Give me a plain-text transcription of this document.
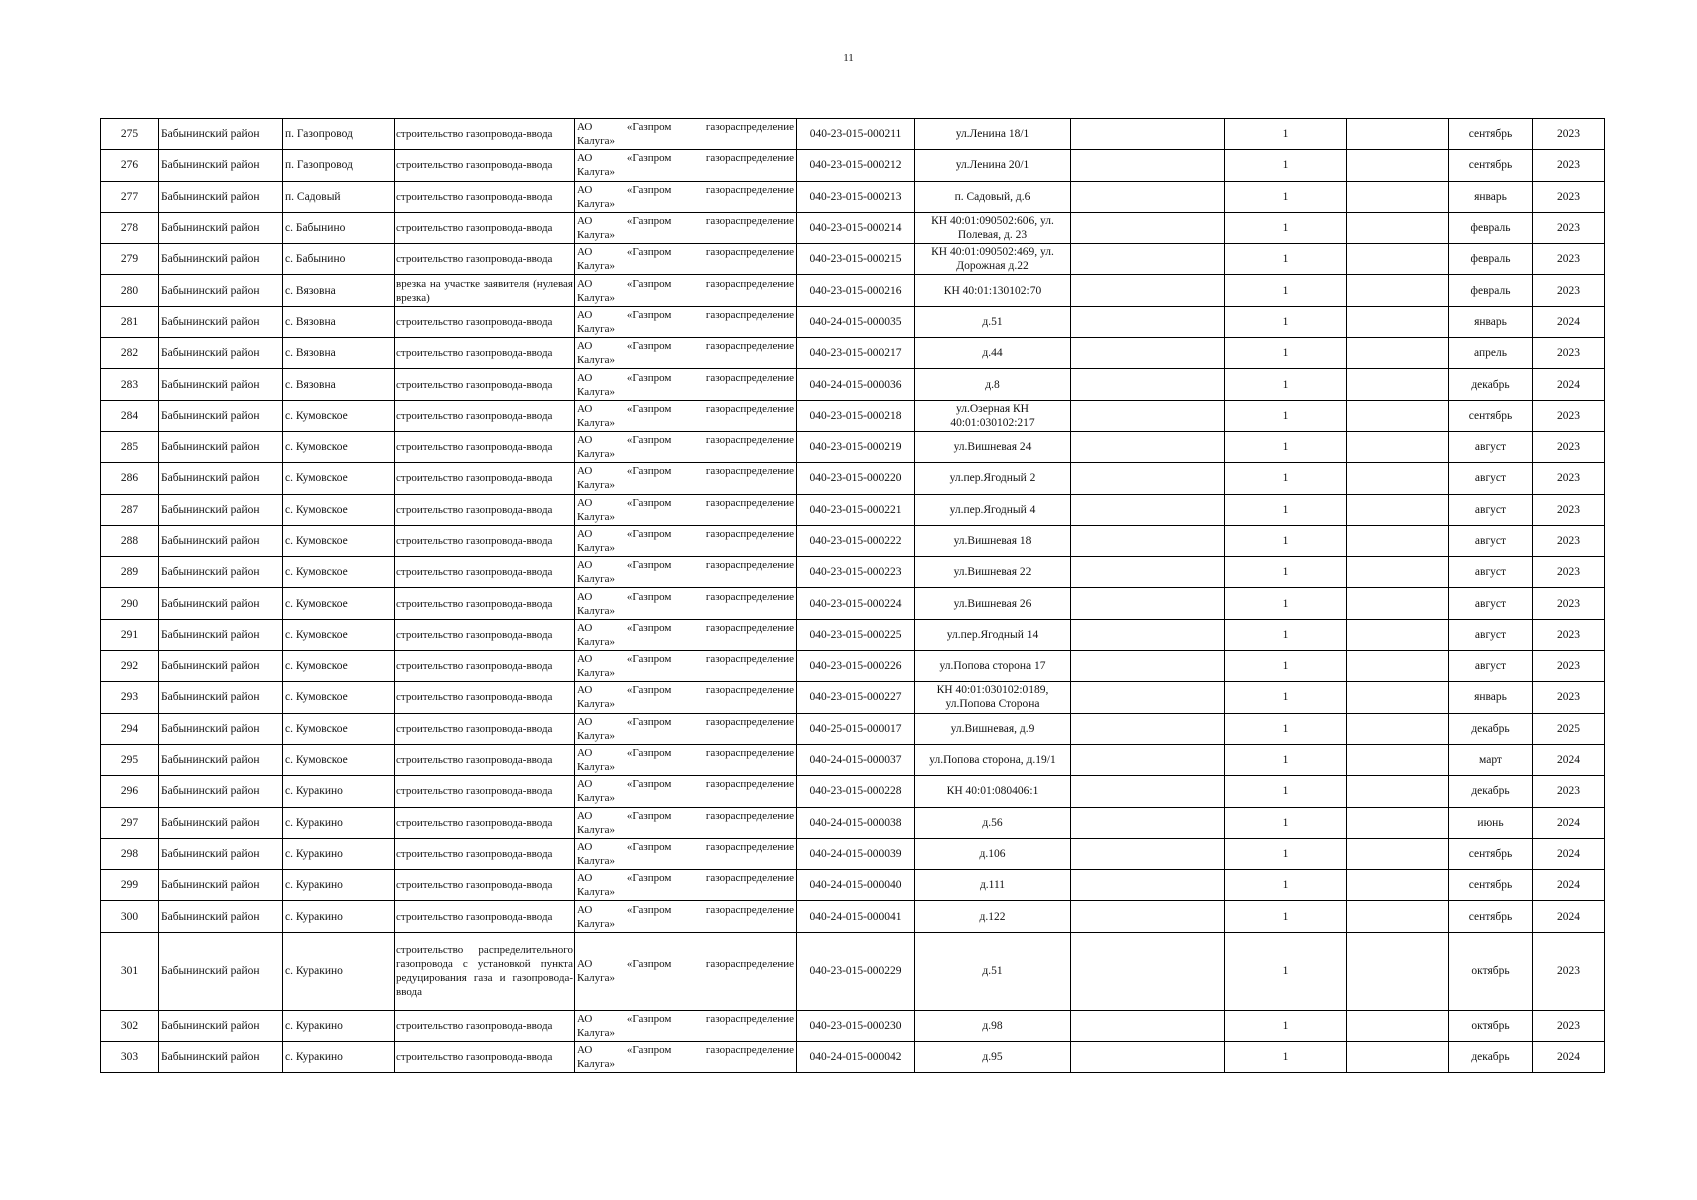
11
275	Бабынинский район	п. Газопровод	строительство газопровода-ввода	АО «Газпром газораспределение
Калуга»	040-23-015-000211	ул.Ленина 18/1		1		сентябрь	2023
276	Бабынинский район	п. Газопровод	строительство газопровода-ввода	АО «Газпром газораспределение
Калуга»	040-23-015-000212	ул.Ленина 20/1		1		сентябрь	2023
277	Бабынинский район	п. Садовый	строительство газопровода-ввода	АО «Газпром газораспределение
Калуга»	040-23-015-000213	п. Садовый, д.6		1		январь	2023
278	Бабынинский район	с. Бабынино	строительство газопровода-ввода	АО «Газпром газораспределение
Калуга»	040-23-015-000214	КН 40:01:090502:606, ул. Полевая, д. 23		1		февраль	2023
279	Бабынинский район	с. Бабынино	строительство газопровода-ввода	АО «Газпром газораспределение
Калуга»	040-23-015-000215	КН 40:01:090502:469, ул. Дорожная д.22		1		февраль	2023
280	Бабынинский район	с. Вязовна	врезка на участке заявителя (нулевая врезка)	АО «Газпром газораспределение
Калуга»	040-23-015-000216	КН 40:01:130102:70		1		февраль	2023
281	Бабынинский район	с. Вязовна	строительство газопровода-ввода	АО «Газпром газораспределение
Калуга»	040-24-015-000035	д.51		1		январь	2024
282	Бабынинский район	с. Вязовна	строительство газопровода-ввода	АО «Газпром газораспределение
Калуга»	040-23-015-000217	д.44		1		апрель	2023
283	Бабынинский район	с. Вязовна	строительство газопровода-ввода	АО «Газпром газораспределение
Калуга»	040-24-015-000036	д.8		1		декабрь	2024
284	Бабынинский район	с. Кумовское	строительство газопровода-ввода	АО «Газпром газораспределение
Калуга»	040-23-015-000218	ул.Озерная КН 40:01:030102:217		1		сентябрь	2023
285	Бабынинский район	с. Кумовское	строительство газопровода-ввода	АО «Газпром газораспределение
Калуга»	040-23-015-000219	ул.Вишневая 24		1		август	2023
286	Бабынинский район	с. Кумовское	строительство газопровода-ввода	АО «Газпром газораспределение
Калуга»	040-23-015-000220	ул.пер.Ягодный 2		1		август	2023
287	Бабынинский район	с. Кумовское	строительство газопровода-ввода	АО «Газпром газораспределение
Калуга»	040-23-015-000221	ул.пер.Ягодный 4		1		август	2023
288	Бабынинский район	с. Кумовское	строительство газопровода-ввода	АО «Газпром газораспределение
Калуга»	040-23-015-000222	ул.Вишневая 18		1		август	2023
289	Бабынинский район	с. Кумовское	строительство газопровода-ввода	АО «Газпром газораспределение
Калуга»	040-23-015-000223	ул.Вишневая 22		1		август	2023
290	Бабынинский район	с. Кумовское	строительство газопровода-ввода	АО «Газпром газораспределение
Калуга»	040-23-015-000224	ул.Вишневая 26		1		август	2023
291	Бабынинский район	с. Кумовское	строительство газопровода-ввода	АО «Газпром газораспределение
Калуга»	040-23-015-000225	ул.пер.Ягодный 14		1		август	2023
292	Бабынинский район	с. Кумовское	строительство газопровода-ввода	АО «Газпром газораспределение
Калуга»	040-23-015-000226	ул.Попова сторона 17		1		август	2023
293	Бабынинский район	с. Кумовское	строительство газопровода-ввода	АО «Газпром газораспределение
Калуга»	040-23-015-000227	КН 40:01:030102:0189, ул.Попова Сторона		1		январь	2023
294	Бабынинский район	с. Кумовское	строительство газопровода-ввода	АО «Газпром газораспределение
Калуга»	040-25-015-000017	ул.Вишневая, д.9		1		декабрь	2025
295	Бабынинский район	с. Кумовское	строительство газопровода-ввода	АО «Газпром газораспределение
Калуга»	040-24-015-000037	ул.Попова сторона, д.19/1		1		март	2024
296	Бабынинский район	с. Куракино	строительство газопровода-ввода	АО «Газпром газораспределение
Калуга»	040-23-015-000228	КН 40:01:080406:1		1		декабрь	2023
297	Бабынинский район	с. Куракино	строительство газопровода-ввода	АО «Газпром газораспределение
Калуга»	040-24-015-000038	д.56		1		июнь	2024
298	Бабынинский район	с. Куракино	строительство газопровода-ввода	АО «Газпром газораспределение
Калуга»	040-24-015-000039	д.106		1		сентябрь	2024
299	Бабынинский район	с. Куракино	строительство газопровода-ввода	АО «Газпром газораспределение
Калуга»	040-24-015-000040	д.111		1		сентябрь	2024
300	Бабынинский район	с. Куракино	строительство газопровода-ввода	АО «Газпром газораспределение
Калуга»	040-24-015-000041	д.122		1		сентябрь	2024
301	Бабынинский район	с. Куракино	строительство распределительного газопровода с установкой пункта редуцирования газа и газопровода-ввода	АО «Газпром газораспределение
Калуга»	040-23-015-000229	д.51		1		октябрь	2023
302	Бабынинский район	с. Куракино	строительство газопровода-ввода	АО «Газпром газораспределение
Калуга»	040-23-015-000230	д.98		1		октябрь	2023
303	Бабынинский район	с. Куракино	строительство газопровода-ввода	АО «Газпром газораспределение
Калуга»	040-24-015-000042	д.95		1		декабрь	2024
